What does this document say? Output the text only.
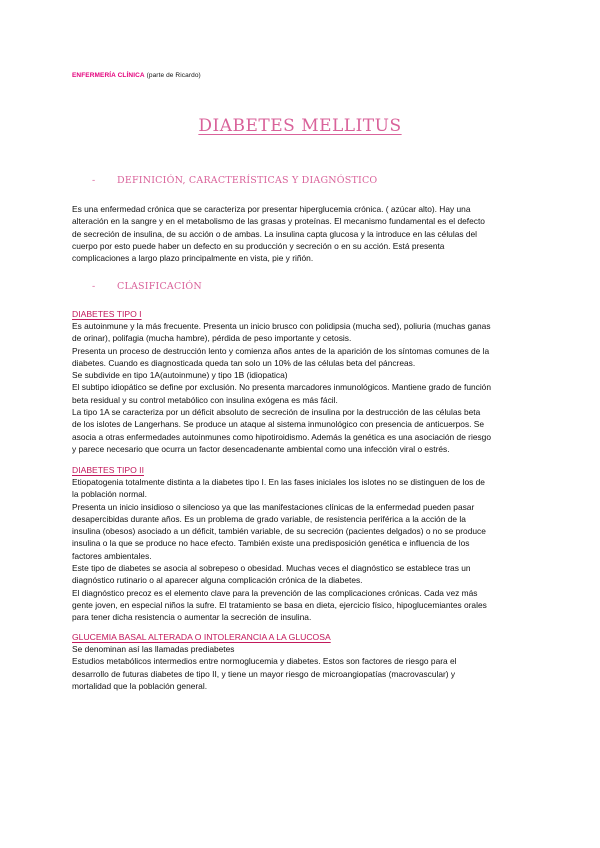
ENFERMERÍA CLÍNICA (parte de Ricardo)
DIABETES MELLITUS
- DEFINICIÓN, CARACTERÍSTICAS Y DIAGNÓSTICO

Es una enfermedad crónica que se caracteriza por presentar hiperglucemia crónica. ( azúcar alto). Hay una

alteración en la sangre y en el metabolismo de las grasas y proteínas. El mecanismo fundamental es el defecto

de secreción de insulina, de su acción o de ambas. La insulina capta glucosa y la introduce en las células del

cuerpo por esto puede haber un defecto en su producción y secreción o en su acción. Está presenta

complicaciones a largo plazo principalmente en vista, pie y riñón.

- CLASIFICACIÓN
DIABETES TIPO I

Es autoinmune y la más frecuente. Presenta un inicio brusco con polidipsia (mucha sed), poliuria (muchas ganas

de orinar), polifagia (mucha hambre), pérdida de peso importante y cetosis.

Presenta un proceso de destrucción lento y comienza años antes de la aparición de los síntomas comunes de la

diabetes. Cuando es diagnosticada queda tan solo un 10% de las células beta del páncreas.

Se subdivide en tipo 1A(autoinmune) y tipo 1B (idiopatica)

El subtipo idiopático se define por exclusión. No presenta marcadores inmunológicos. Mantiene grado de función

beta residual y su control metabólico con insulina exógena es más fácil.

La tipo 1A se caracteriza por un déficit absoluto de secreción de insulina por la destrucción de las células beta

de los islotes de Langerhans. Se produce un ataque al sistema inmunológico con presencia de anticuerpos. Se

asocia a otras enfermedades autoinmunes como hipotiroidismo. Además la genética es una asociación de riesgo

y parece necesario que ocurra un factor desencadenante ambiental como una infección viral o estrés.

DIABETES TIPO II

Etiopatogenia totalmente distinta a la diabetes tipo I. En las fases iniciales los islotes no se distinguen de los de

la población normal.

Presenta un inicio insidioso o silencioso ya que las manifestaciones clínicas de la enfermedad pueden pasar

desapercibidas durante años. Es un problema de grado variable, de resistencia periférica a la acción de la

insulina (obesos) asociado a un déficit, también variable, de su secreción (pacientes delgados) o no se produce

insulina o la que se produce no hace efecto. También existe una predisposición genética e influencia de los

factores ambientales.

Este tipo de diabetes se asocia al sobrepeso o obesidad. Muchas veces el diagnóstico se establece tras un

diagnóstico rutinario o al aparecer alguna complicación crónica de la diabetes.

El diagnóstico precoz es el elemento clave para la prevención de las complicaciones crónicas. Cada vez más

gente joven, en especial niños la sufre. El tratamiento se basa en dieta, ejercicio físico, hipoglucemiantes orales

para tener dicha resistencia o aumentar la secreción de insulina.

GLUCEMIA BASAL ALTERADA O INTOLERANCIA A LA GLUCOSA

Se denominan así las llamadas prediabetes

Estudios metabólicos intermedios entre normoglucemia y diabetes. Estos son factores de riesgo para el

desarrollo de futuras diabetes de tipo II, y tiene un mayor riesgo de microangiopatías (macrovascular) y

mortalidad que la población general.
